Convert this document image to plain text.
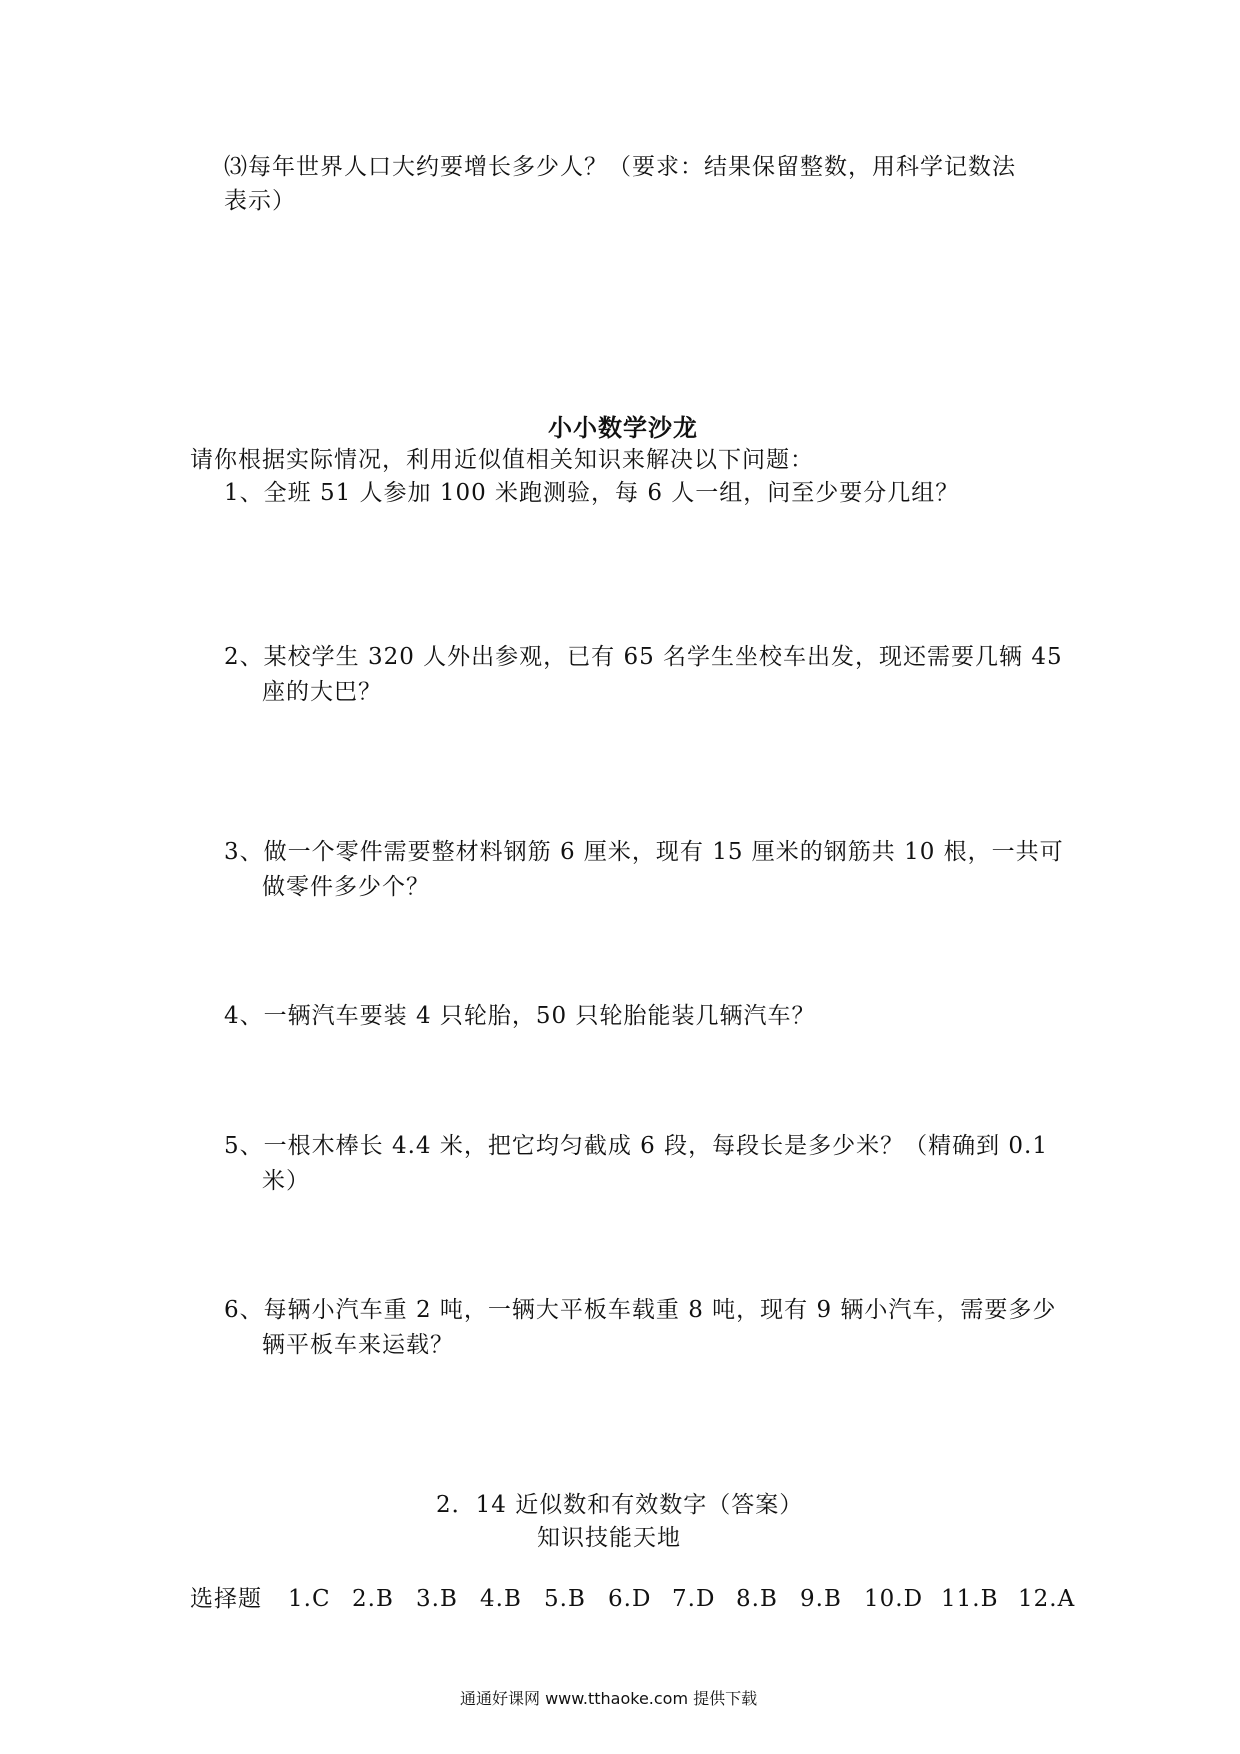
⑶每年世界人口大约要增长多少人？（要求：结果保留整数，用科学记数法
表示）
小小数学沙龙
请你根据实际情况，利用近似值相关知识来解决以下问题：
1、全班 51 人参加 100 米跑测验，每 6 人一组，问至少要分几组？
2、某校学生 320 人外出参观，已有 65 名学生坐校车出发，现还需要几辆 45
座的大巴？
3、做一个零件需要整材料钢筋 6 厘米，现有 15 厘米的钢筋共 10 根，一共可
做零件多少个？
4、一辆汽车要装 4 只轮胎，50 只轮胎能装几辆汽车？
5、一根木棒长 4.4 米，把它均匀截成 6 段，每段长是多少米？（精确到 0.1
米）
6、每辆小汽车重 2 吨，一辆大平板车载重 8 吨，现有 9 辆小汽车，需要多少
辆平板车来运载？
2．14 近似数和有效数字（答案）
知识技能天地
选择题 1.C 2.B 3.B 4.B 5.B 6.D 7.D 8.B 9.B 10.D 11.B 12.A
通通好课网 www.tthaoke.com 提供下载
